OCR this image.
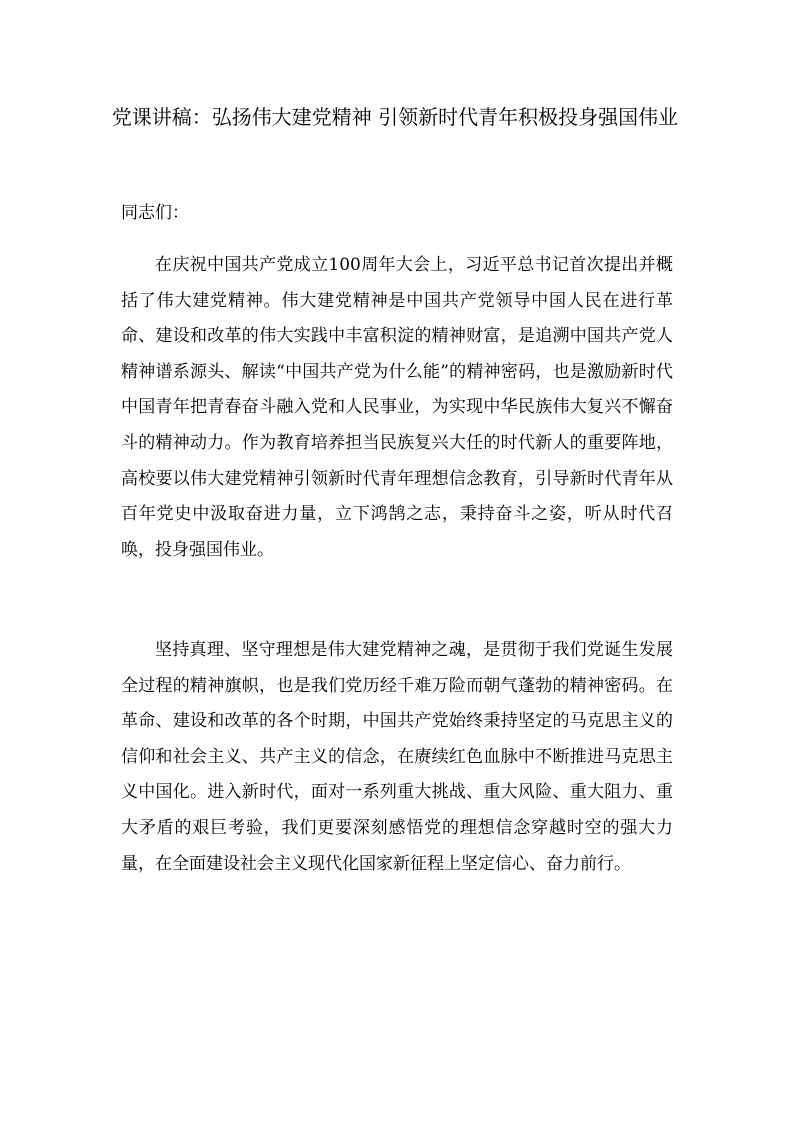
党课讲稿：弘扬伟大建党精神 引领新时代青年积极投身强国伟业

同志们：

在庆祝中国共产党成立100周年大会上，习近平总书记首次提出并概括了伟大建党精神。伟大建党精神是中国共产党领导中国人民在进行革命、建设和改革的伟大实践中丰富积淀的精神财富，是追溯中国共产党人精神谱系源头、解读“中国共产党为什么能”的精神密码，也是激励新时代中国青年把青春奋斗融入党和人民事业，为实现中华民族伟大复兴不懈奋斗的精神动力。作为教育培养担当民族复兴大任的时代新人的重要阵地，高校要以伟大建党精神引领新时代青年理想信念教育，引导新时代青年从百年党史中汲取奋进力量，立下鸿鹄之志，秉持奋斗之姿，听从时代召唤，投身强国伟业。

坚持真理、坚守理想是伟大建党精神之魂，是贯彻于我们党诞生发展全过程的精神旗帜，也是我们党历经千难万险而朝气蓬勃的精神密码。在革命、建设和改革的各个时期，中国共产党始终秉持坚定的马克思主义的信仰和社会主义、共产主义的信念，在赓续红色血脉中不断推进马克思主义中国化。进入新时代，面对一系列重大挑战、重大风险、重大阻力、重大矛盾的艰巨考验，我们更要深刻感悟党的理想信念穿越时空的强大力量，在全面建设社会主义现代化国家新征程上坚定信心、奋力前行。
